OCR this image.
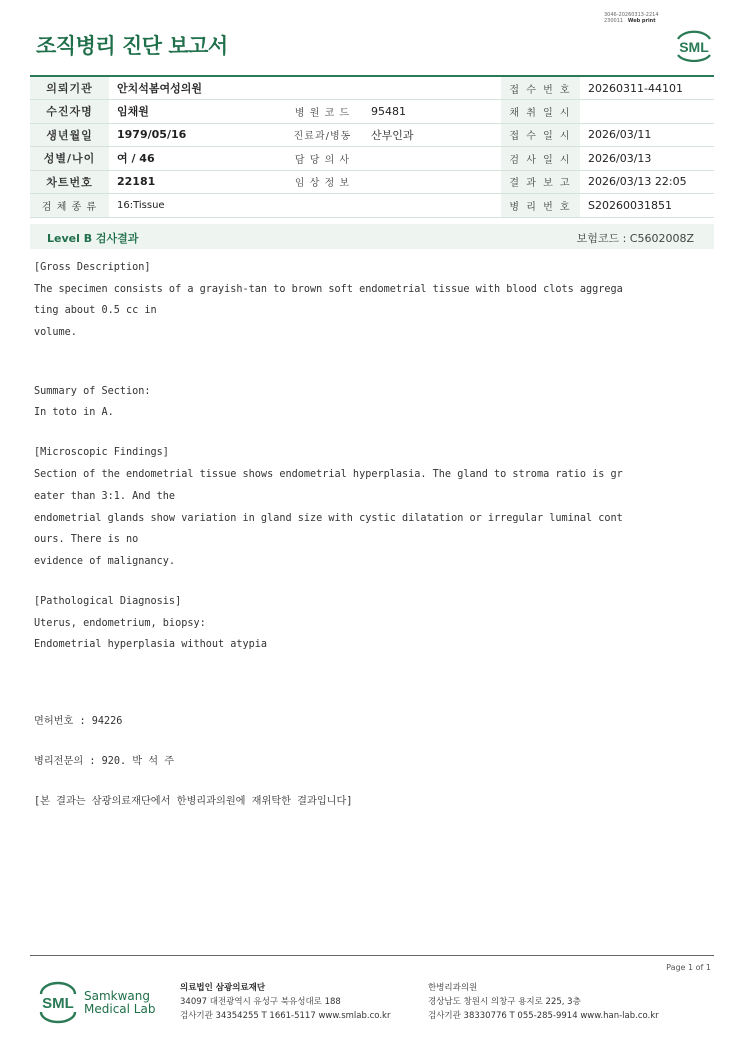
3046-20260313-2214
230011 Web print
조직병리 진단 보고서	SML
의뢰기관	안치석봄여성의원			접 수 번 호	20260311-44101
수진자명	임채원	병 원 코 드	95481	채 취 일 시	
생년월일	1979/05/16	진료과/병동	산부인과	접 수 일 시	2026/03/11
성별/나이	여 / 46	담 당 의 사		검 사 일 시	2026/03/13
차트번호	22181	임 상 정 보		결 과 보 고	2026/03/13 22:05
검 체 종 류	16:Tissue			병 리 번 호	S20260031851
Level B 검사결과	보험코드 : C5602008Z
[Gross Description]
The specimen consists of a grayish-tan to brown soft endometrial tissue with blood clots aggrega
ting about 0.5 cc in
volume.
Summary of Section:
In toto in A.
[Microscopic Findings]
Section of the endometrial tissue shows endometrial hyperplasia. The gland to stroma ratio is gr
eater than 3:1. And the
endometrial glands show variation in gland size with cystic dilatation or irregular luminal cont
ours. There is no
evidence of malignancy.
[Pathological Diagnosis]
Uterus, endometrium, biopsy:
Endometrial hyperplasia without atypia
면허번호 : 94226
병리전문의 : 920. 박 석 주
[본 결과는 삼광의료재단에서 한병리과의원에 재위탁한 결과입니다]
Page 1 of 1
SML Samkwang
Medical Lab
의료법인 삼광의료재단
34097 대전광역시 유성구 북유성대로 188
검사기관 34354255 T 1661-5117 www.smlab.co.kr
한병리과의원
경상남도 창원시 의창구 용지로 225, 3층
검사기관 38330776 T 055-285-9914 www.han-lab.co.kr
